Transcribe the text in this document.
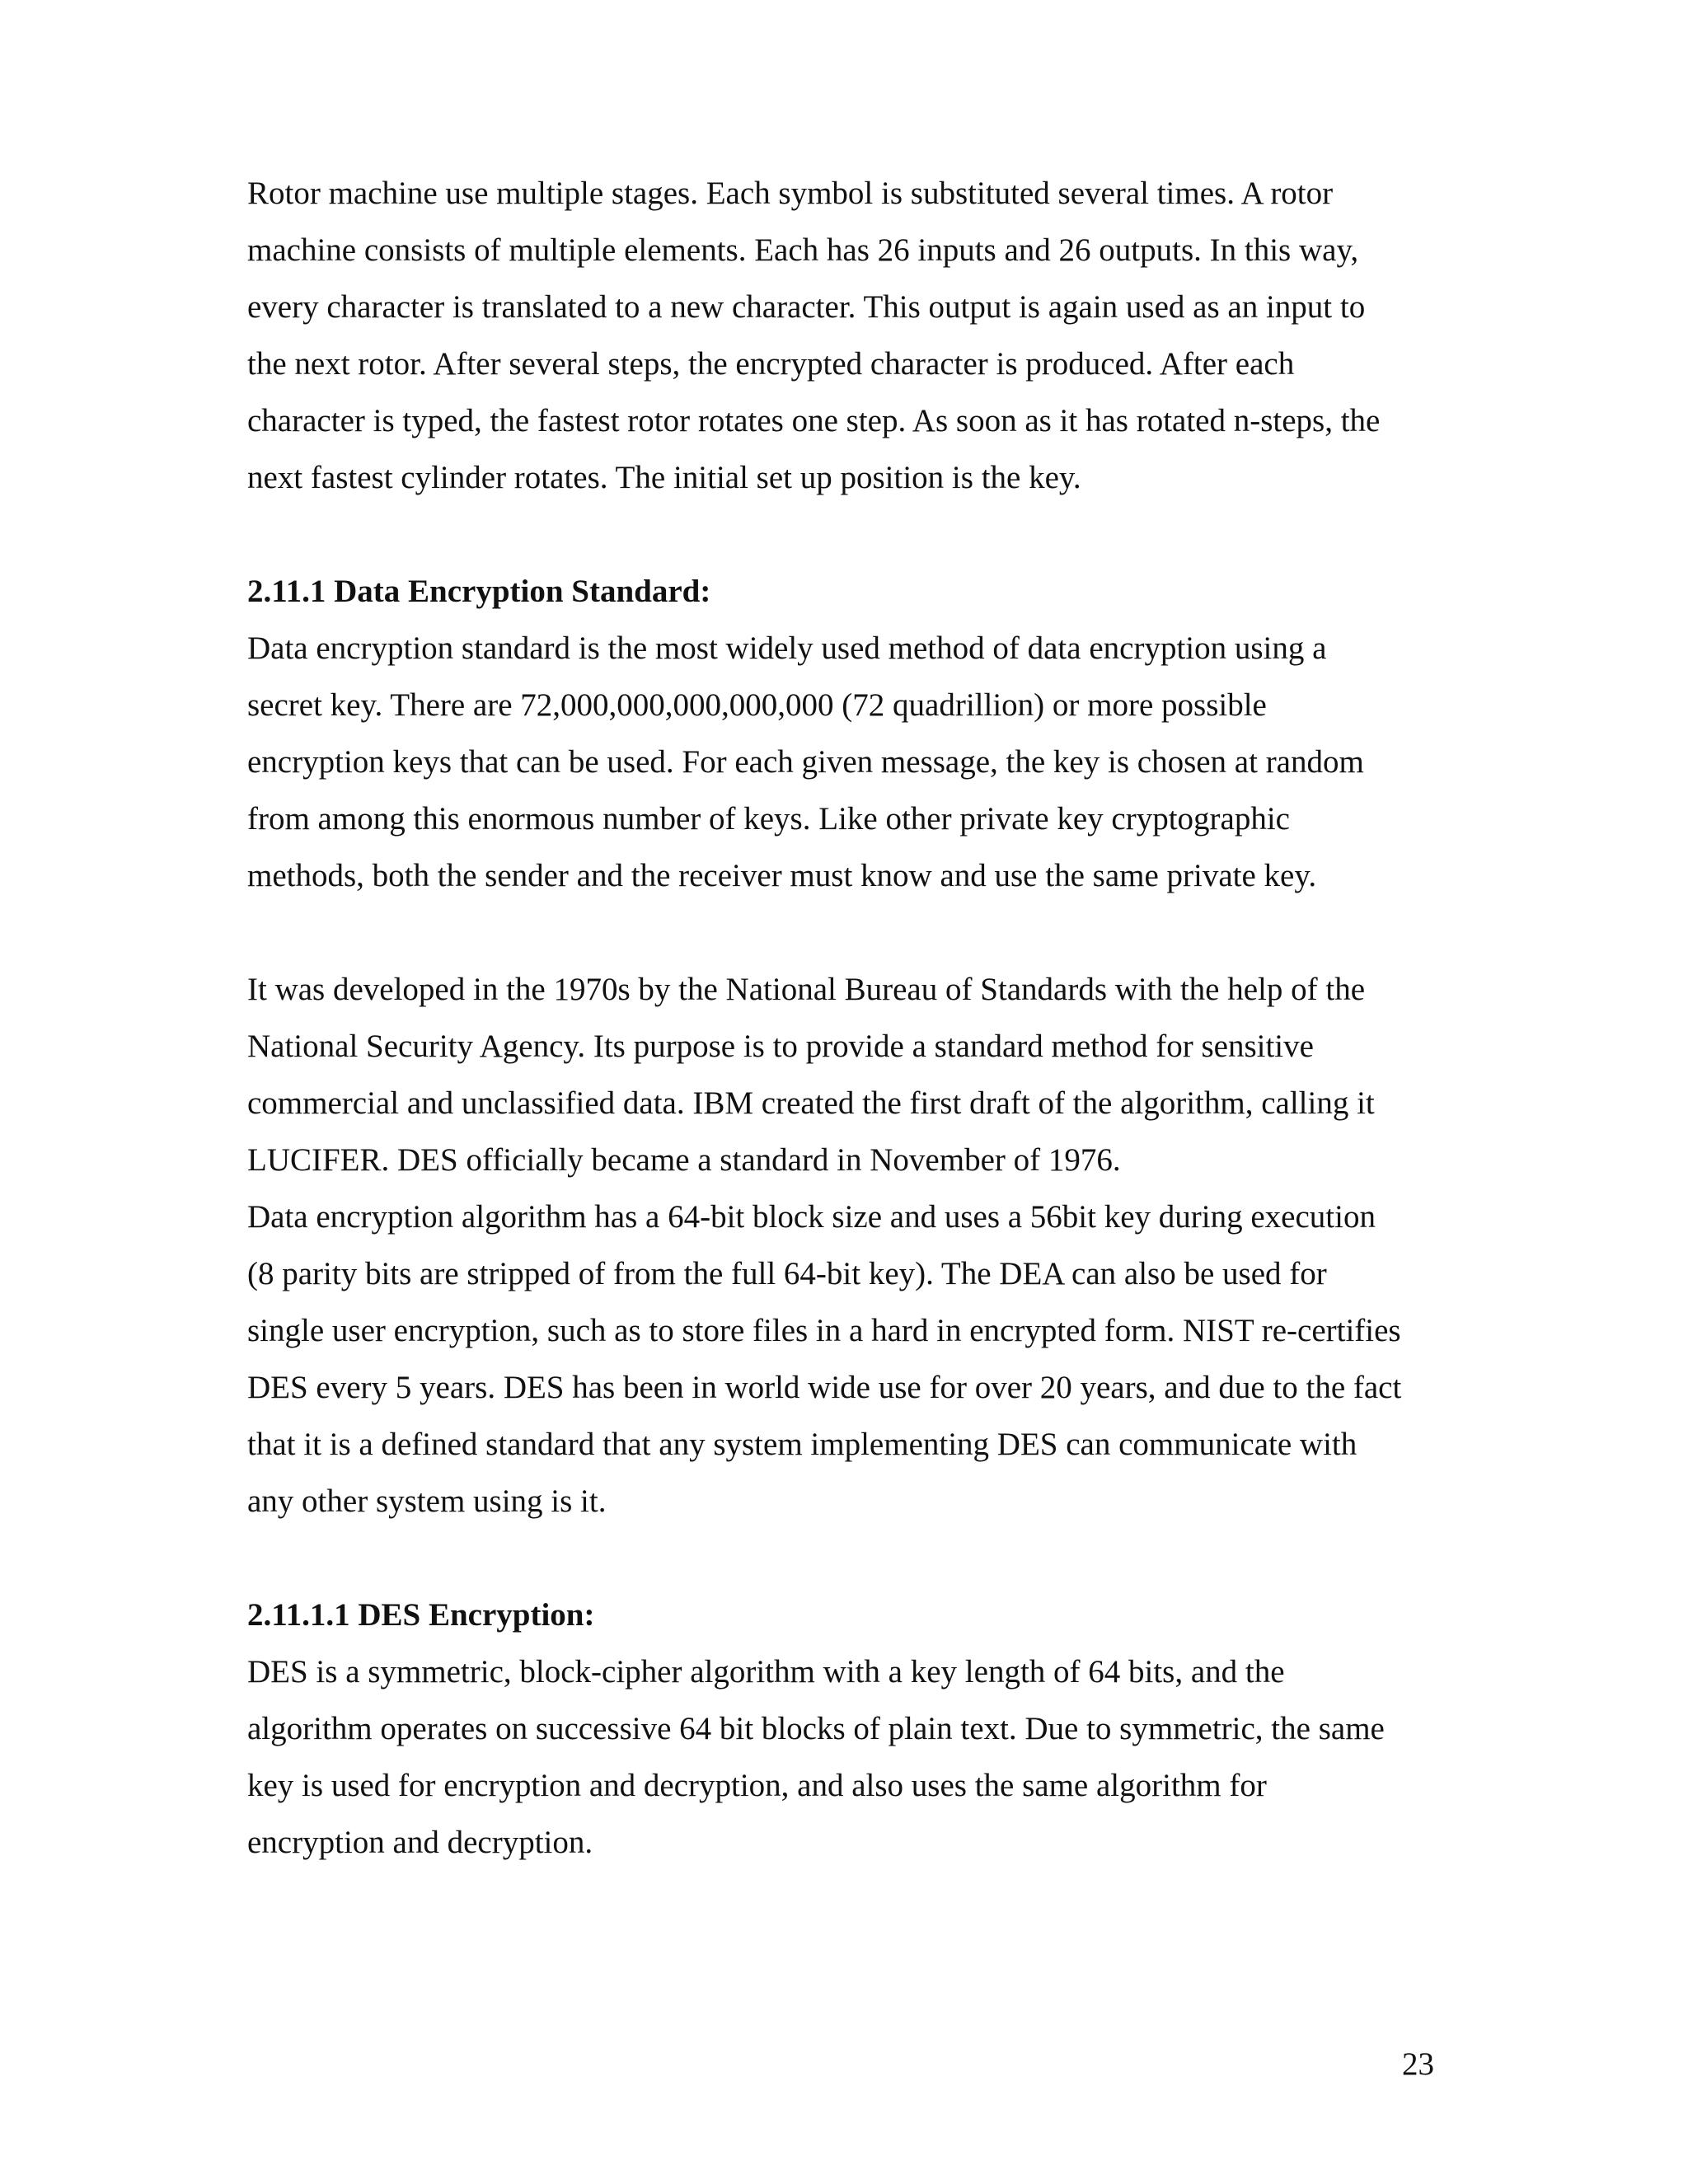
Rotor machine use multiple stages. Each symbol is substituted several times. A rotor
machine consists of multiple elements. Each has 26 inputs and 26 outputs. In this way,
every character is translated to a new character. This output is again used as an input to
the next rotor. After several steps, the encrypted character is produced. After each
character is typed, the fastest rotor rotates one step. As soon as it has rotated n-steps, the
next fastest cylinder rotates. The initial set up position is the key.
2.11.1 Data Encryption Standard:
Data encryption standard is the most widely used method of data encryption using a
secret key. There are 72,000,000,000,000,000 (72 quadrillion) or more possible
encryption keys that can be used. For each given message, the key is chosen at random
from among this enormous number of keys. Like other private key cryptographic
methods, both the sender and the receiver must know and use the same private key.
It was developed in the 1970s by the National Bureau of Standards with the help of the
National Security Agency. Its purpose is to provide a standard method for sensitive
commercial and unclassified data. IBM created the first draft of the algorithm, calling it
LUCIFER. DES officially became a standard in November of 1976.
Data encryption algorithm has a 64-bit block size and uses a 56bit key during execution
(8 parity bits are stripped of from the full 64-bit key). The DEA can also be used for
single user encryption, such as to store files in a hard in encrypted form. NIST re-certifies
DES every 5 years. DES has been in world wide use for over 20 years, and due to the fact
that it is a defined standard that any system implementing DES can communicate with
any other system using is it.
2.11.1.1 DES Encryption:
DES is a symmetric, block-cipher algorithm with a key length of 64 bits, and the
algorithm operates on successive 64 bit blocks of plain text. Due to symmetric, the same
key is used for encryption and decryption, and also uses the same algorithm for
encryption and decryption.
23
